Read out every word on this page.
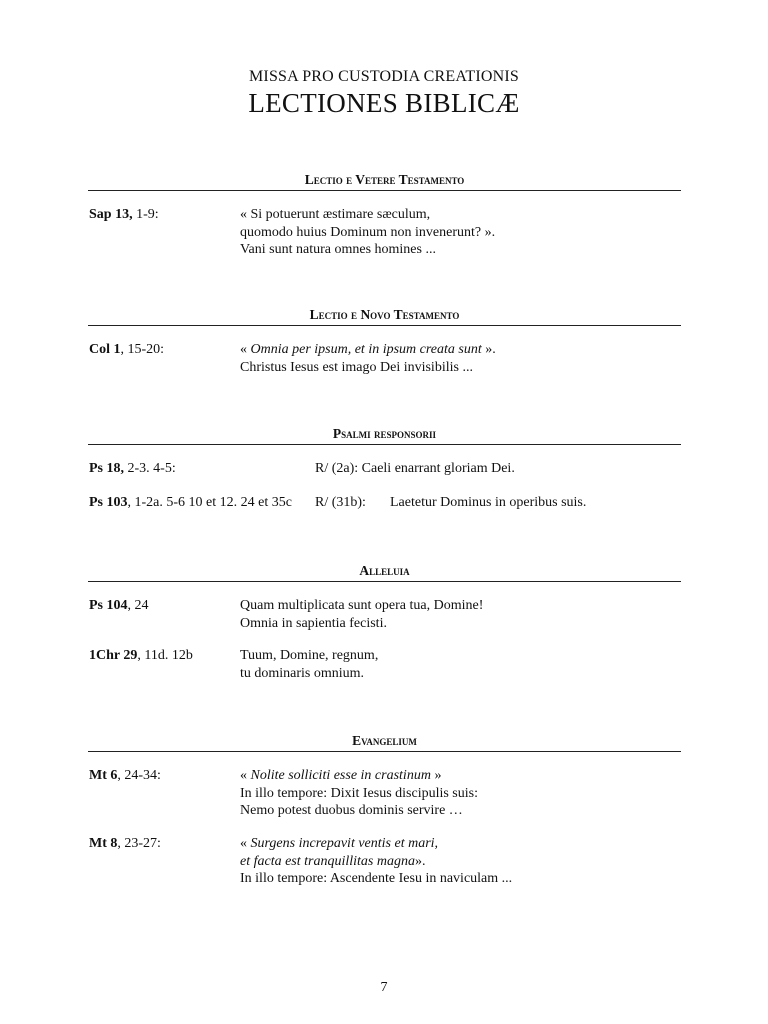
MISSA PRO CUSTODIA CREATIONIS
LECTIONES BIBLICÆ
Lectio e Vetere Testamento
Sap 13, 1-9:	« Si potuerunt æstimare sæculum,
quomodo huius Dominum non invenerunt? ».
Vani sunt natura omnes homines ...
Lectio e Novo Testamento
Col 1, 15-20:	« Omnia per ipsum, et in ipsum creata sunt ».
Christus Iesus est imago Dei invisibilis ...
Psalmi responsorii
Ps 18, 2-3. 4-5:	R/ (2a): Caeli enarrant gloriam Dei.
Ps 103, 1-2a. 5-6 10 et 12. 24 et 35c R/ (31b): Laetetur Dominus in operibus suis.
Alleluia
Ps 104, 24	Quam multiplicata sunt opera tua, Domine!
Omnia in sapientia fecisti.
1Chr 29, 11d. 12b	Tuum, Domine, regnum,
tu dominaris omnium.
Evangelium
Mt 6, 24-34:	« Nolite solliciti esse in crastinum »
In illo tempore: Dixit Iesus discipulis suis:
Nemo potest duobus dominis servire …
Mt 8, 23-27:	« Surgens increpavit ventis et mari,
et facta est tranquillitas magna».
In illo tempore: Ascendente Iesu in naviculam ...
7
